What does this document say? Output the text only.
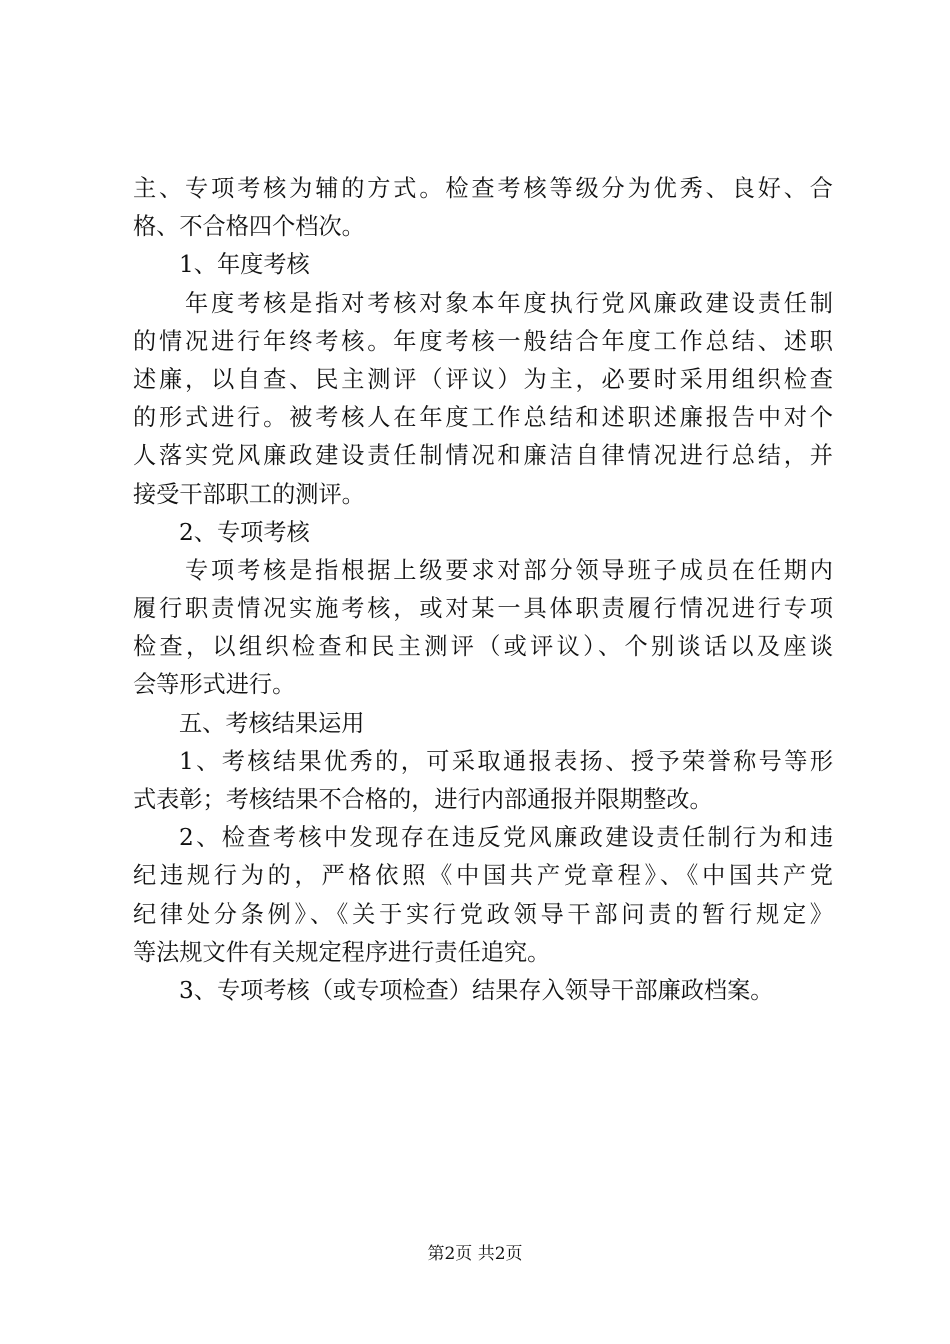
主、专项考核为辅的方式。检查考核等级分为优秀、良好、合
格、不合格四个档次。
1、年度考核
年度考核是指对考核对象本年度执行党风廉政建设责任制
的情况进行年终考核。年度考核一般结合年度工作总结、述职
述廉，以自查、民主测评（评议）为主，必要时采用组织检查
的形式进行。被考核人在年度工作总结和述职述廉报告中对个
人落实党风廉政建设责任制情况和廉洁自律情况进行总结，并
接受干部职工的测评。
2、专项考核
专项考核是指根据上级要求对部分领导班子成员在任期内
履行职责情况实施考核，或对某一具体职责履行情况进行专项
检查，以组织检查和民主测评（或评议）、个别谈话以及座谈
会等形式进行。
五、考核结果运用
1、考核结果优秀的，可采取通报表扬、授予荣誉称号等形
式表彰；考核结果不合格的，进行内部通报并限期整改。
2、检查考核中发现存在违反党风廉政建设责任制行为和违
纪违规行为的，严格依照《中国共产党章程》、《中国共产党
纪律处分条例》、《关于实行党政领导干部问责的暂行规定》
等法规文件有关规定程序进行责任追究。
3、专项考核（或专项检查）结果存入领导干部廉政档案。
第2页 共2页
